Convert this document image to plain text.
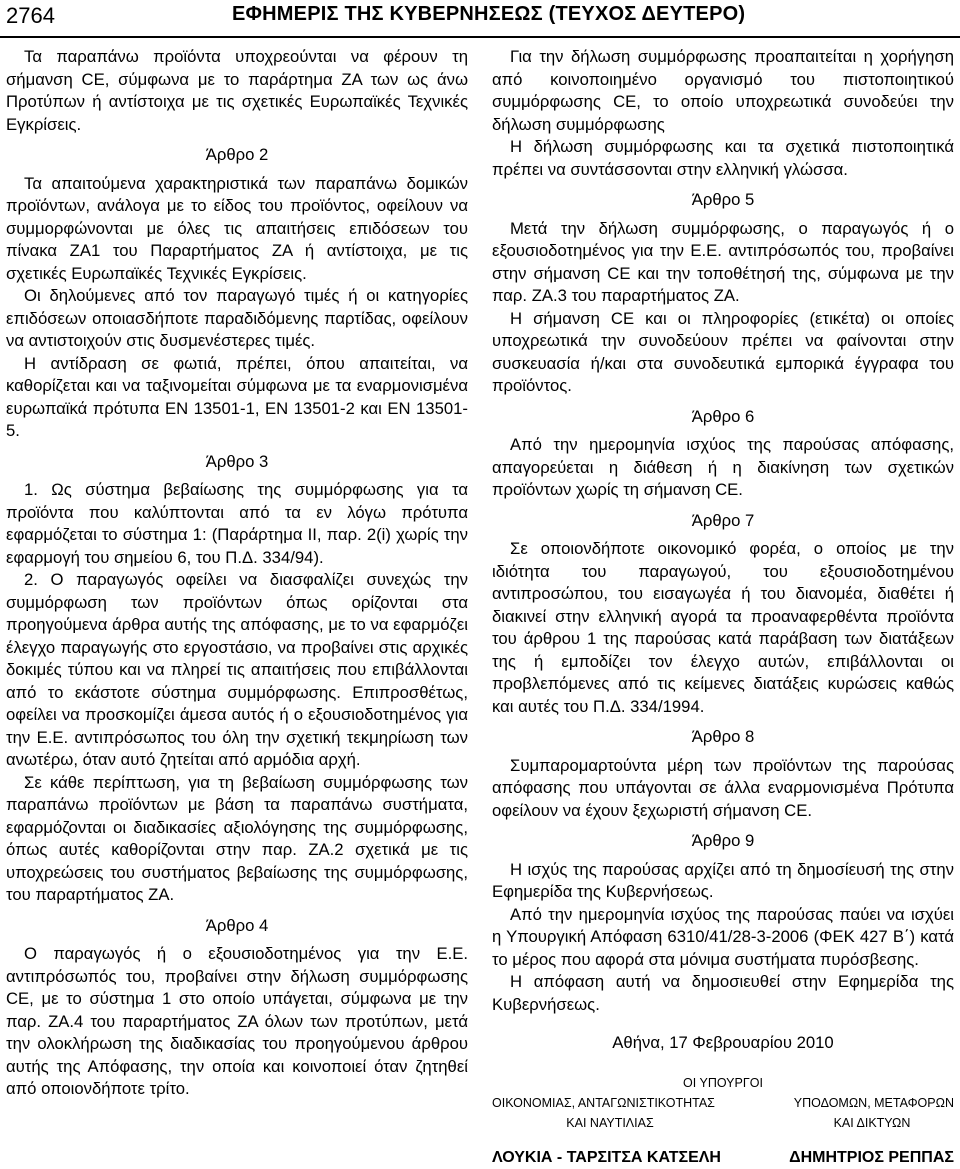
2764	ΕΦΗΜΕΡΙΣ ΤΗΣ ΚΥΒΕΡΝΗΣΕΩΣ (ΤΕΥΧΟΣ ΔΕΥΤΕΡΟ)

Τα παραπάνω προϊόντα υποχρεούνται να φέρουν τη σήμανση CE, σύμφωνα με το παράρτημα ΖΑ των ως άνω Προτύπων ή αντίστοιχα με τις σχετικές Ευρωπαϊκές Τεχνικές Εγκρίσεις.

Άρθρο 2

Τα απαιτούμενα χαρακτηριστικά των παραπάνω δομικών προϊόντων, ανάλογα με το είδος του προϊόντος, οφείλουν να συμμορφώνονται με όλες τις απαιτήσεις επιδόσεων του πίνακα ΖΑ1 του Παραρτήματος ΖΑ ή αντίστοιχα, με τις σχετικές Ευρωπαϊκές Τεχνικές Εγκρίσεις.

Οι δηλούμενες από τον παραγωγό τιμές ή οι κατηγορίες επιδόσεων οποιασδήποτε παραδιδόμενης παρτίδας, οφείλουν να αντιστοιχούν στις δυσμενέστερες τιμές.

Η αντίδραση σε φωτιά, πρέπει, όπου απαιτείται, να καθορίζεται και να ταξινομείται σύμφωνα με τα εναρμονισμένα ευρωπαϊκά πρότυπα ΕΝ 13501-1, ΕΝ 13501-2 και ΕΝ 13501-5.

Άρθρο 3

1. Ως σύστημα βεβαίωσης της συμμόρφωσης για τα προϊόντα που καλύπτονται από τα εν λόγω πρότυπα εφαρμόζεται το σύστημα 1: (Παράρτημα ΙΙ, παρ. 2(i) χωρίς την εφαρμογή του σημείου 6, του Π.Δ. 334/94).

2. Ο παραγωγός οφείλει να διασφαλίζει συνεχώς την συμμόρφωση των προϊόντων όπως ορίζονται στα προηγούμενα άρθρα αυτής της απόφασης, με το να εφαρμόζει έλεγχο παραγωγής στο εργοστάσιο, να προβαίνει στις αρχικές δοκιμές τύπου και να πληρεί τις απαιτήσεις που επιβάλλονται από το εκάστοτε σύστημα συμμόρφωσης. Επιπροσθέτως, οφείλει να προσκομίζει άμεσα αυτός ή ο εξουσιοδοτημένος για την Ε.Ε. αντιπρόσωπος του όλη την σχετική τεκμηρίωση των ανωτέρω, όταν αυτό ζητείται από αρμόδια αρχή.

Σε κάθε περίπτωση, για τη βεβαίωση συμμόρφωσης των παραπάνω προϊόντων με βάση τα παραπάνω συστήματα, εφαρμόζονται οι διαδικασίες αξιολόγησης της συμμόρφωσης, όπως αυτές καθορίζονται στην παρ. ΖΑ.2 σχετικά με τις υποχρεώσεις του συστήματος βεβαίωσης της συμμόρφωσης, του παραρτήματος ΖΑ.

Άρθρο 4

Ο παραγωγός ή ο εξουσιοδοτημένος για την Ε.Ε. αντιπρόσωπός του, προβαίνει στην δήλωση συμμόρφωσης CE, με το σύστημα 1 στο οποίο υπάγεται, σύμφωνα με την παρ. ΖΑ.4 του παραρτήματος ΖΑ όλων των προτύπων, μετά την ολοκλήρωση της διαδικασίας του προηγούμενου άρθρου αυτής της Απόφασης, την οποία και κοινοποιεί όταν ζητηθεί από οποιονδήποτε τρίτο.

Για την δήλωση συμμόρφωσης προαπαιτείται η χορήγηση από κοινοποιημένο οργανισμό του πιστοποιητικού συμμόρφωσης CE, το οποίο υποχρεωτικά συνοδεύει την δήλωση συμμόρφωσης

Η δήλωση συμμόρφωσης και τα σχετικά πιστοποιητικά πρέπει να συντάσσονται στην ελληνική γλώσσα.

Άρθρο 5

Μετά την δήλωση συμμόρφωσης, ο παραγωγός ή ο εξουσιοδοτημένος για την Ε.Ε. αντιπρόσωπός του, προβαίνει στην σήμανση CE και την τοποθέτησή της, σύμφωνα με την παρ. ΖΑ.3 του παραρτήματος ΖΑ.

Η σήμανση CE και οι πληροφορίες (ετικέτα) οι οποίες υποχρεωτικά την συνοδεύουν πρέπει να φαίνονται στην συσκευασία ή/και στα συνοδευτικά εμπορικά έγγραφα του προϊόντος.

Άρθρο 6

Από την ημερομηνία ισχύος της παρούσας απόφασης, απαγορεύεται η διάθεση ή η διακίνηση των σχετικών προϊόντων χωρίς τη σήμανση CE.

Άρθρο 7

Σε οποιονδήποτε οικονομικό φορέα, ο οποίος με την ιδιότητα του παραγωγού, του εξουσιοδοτημένου αντιπροσώπου, του εισαγωγέα ή του διανομέα, διαθέτει ή διακινεί στην ελληνική αγορά τα προαναφερθέντα προϊόντα του άρθρου 1 της παρούσας κατά παράβαση των διατάξεων της ή εμποδίζει τον έλεγχο αυτών, επιβάλλονται οι προβλεπόμενες από τις κείμενες διατάξεις κυρώσεις καθώς και αυτές του Π.Δ. 334/1994.

Άρθρο 8

Συμπαρομαρτούντα μέρη των προϊόντων της παρούσας απόφασης που υπάγονται σε άλλα εναρμονισμένα Πρότυπα οφείλουν να έχουν ξεχωριστή σήμανση CE.

Άρθρο 9

Η ισχύς της παρούσας αρχίζει από τη δημοσίευσή της στην Εφημερίδα της Κυβερνήσεως.

Από την ημερομηνία ισχύος της παρούσας παύει να ισχύει η Υπουργική Απόφαση 6310/41/28-3-2006 (ΦΕΚ 427 Β΄) κατά το μέρος που αφορά στα μόνιμα συστήματα πυρόσβεσης.

Η απόφαση αυτή να δημοσιευθεί στην Εφημερίδα της Κυβερνήσεως.

Αθήνα, 17 Φεβρουαρίου 2010
ΟΙ ΥΠΟΥΡΓΟΙ
ΟΙΚΟΝΟΜΙΑΣ, ΑΝΤΑΓΩΝΙΣΤΙΚΟΤΗΤΑΣ	ΥΠΟΔΟΜΩΝ, ΜΕΤΑΦΟΡΩΝ
ΚΑΙ ΝΑΥΤΙΛΙΑΣ	ΚΑΙ ΔΙΚΤΥΩΝ
ΛΟΥΚΙΑ - ΤΑΡΣΙΤΣΑ ΚΑΤΣΕΛΗ	ΔΗΜΗΤΡΙΟΣ ΡΕΠΠΑΣ
